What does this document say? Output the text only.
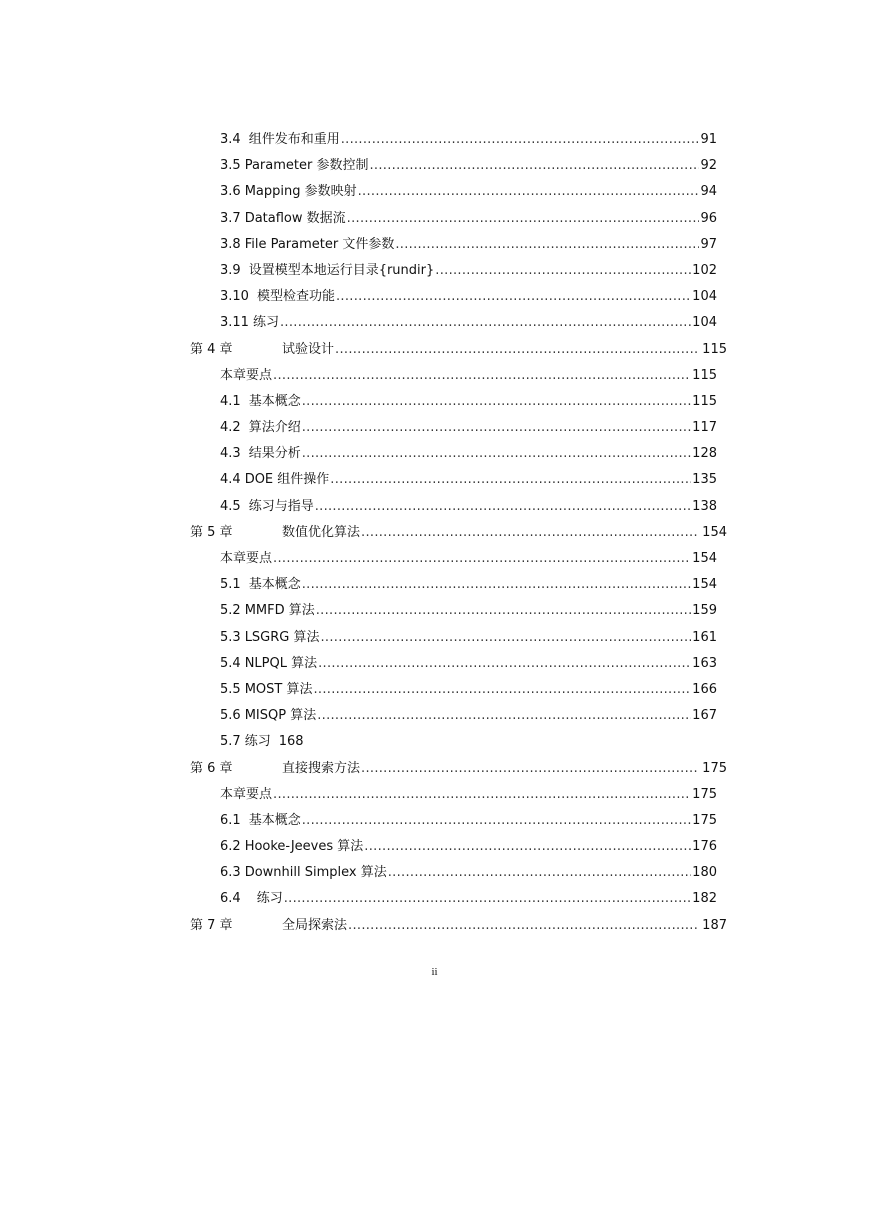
3.4 组件发布和重用 .....	91
3.5 Parameter 参数控制 .....	92
3.6 Mapping 参数映射 .....	94
3.7 Dataflow 数据流 .....	96
3.8 File Parameter 文件参数 .....	97
3.9 设置模型本地运行目录{rundir} .....	102
3.10 模型检查功能 .....	104
3.11 练习 .....	104
第 4 章	试验设计 .....	115
本章要点 .....	115
4.1 基本概念 .....	115
4.2 算法介绍 .....	117
4.3 结果分析 .....	128
4.4 DOE 组件操作 .....	135
4.5 练习与指导 .....	138
第 5 章	数值优化算法 .....	154
本章要点 .....	154
5.1 基本概念 .....	154
5.2 MMFD 算法 .....	159
5.3 LSGRG 算法 .....	161
5.4 NLPQL 算法 .....	163
5.5 MOST 算法 .....	166
5.6 MISQP 算法 .....	167
5.7 练习 168
第 6 章	直接搜索方法 .....	175
本章要点 .....	175
6.1 基本概念 .....	175
6.2 Hooke-Jeeves 算法 .....	176
6.3 Downhill Simplex 算法 .....	180
6.4	练习 .....	182
第 7 章	全局探索法 .....	187
ii
